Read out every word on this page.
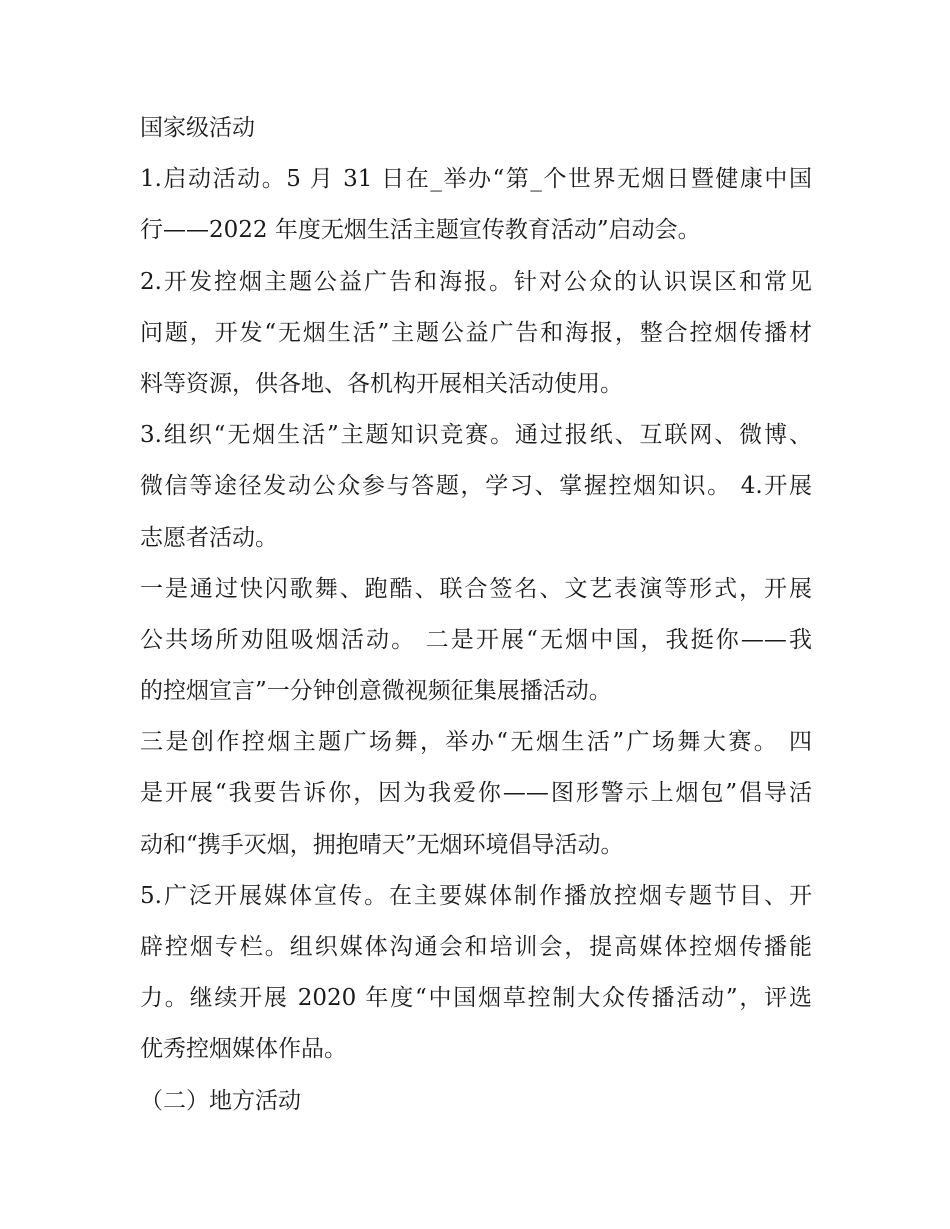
国家级活动
1.启动活动。5 月 31 日在_举办“第_个世界无烟日暨健康中国
行——2022 年度无烟生活主题宣传教育活动”启动会。
2.开发控烟主题公益广告和海报。针对公众的认识误区和常见
问题，开发“无烟生活”主题公益广告和海报，整合控烟传播材
料等资源，供各地、各机构开展相关活动使用。
3.组织“无烟生活”主题知识竞赛。通过报纸、互联网、微博、
微信等途径发动公众参与答题，学习、掌握控烟知识。 4.开展
志愿者活动。
一是通过快闪歌舞、跑酷、联合签名、文艺表演等形式，开展
公共场所劝阻吸烟活动。 二是开展“无烟中国，我挺你——我
的控烟宣言”一分钟创意微视频征集展播活动。
三是创作控烟主题广场舞，举办“无烟生活”广场舞大赛。 四
是开展“我要告诉你，因为我爱你——图形警示上烟包”倡导活
动和“携手灭烟，拥抱晴天”无烟环境倡导活动。
5.广泛开展媒体宣传。在主要媒体制作播放控烟专题节目、开
辟控烟专栏。组织媒体沟通会和培训会，提高媒体控烟传播能
力。继续开展 2020 年度“中国烟草控制大众传播活动”，评选
优秀控烟媒体作品。
（二）地方活动
